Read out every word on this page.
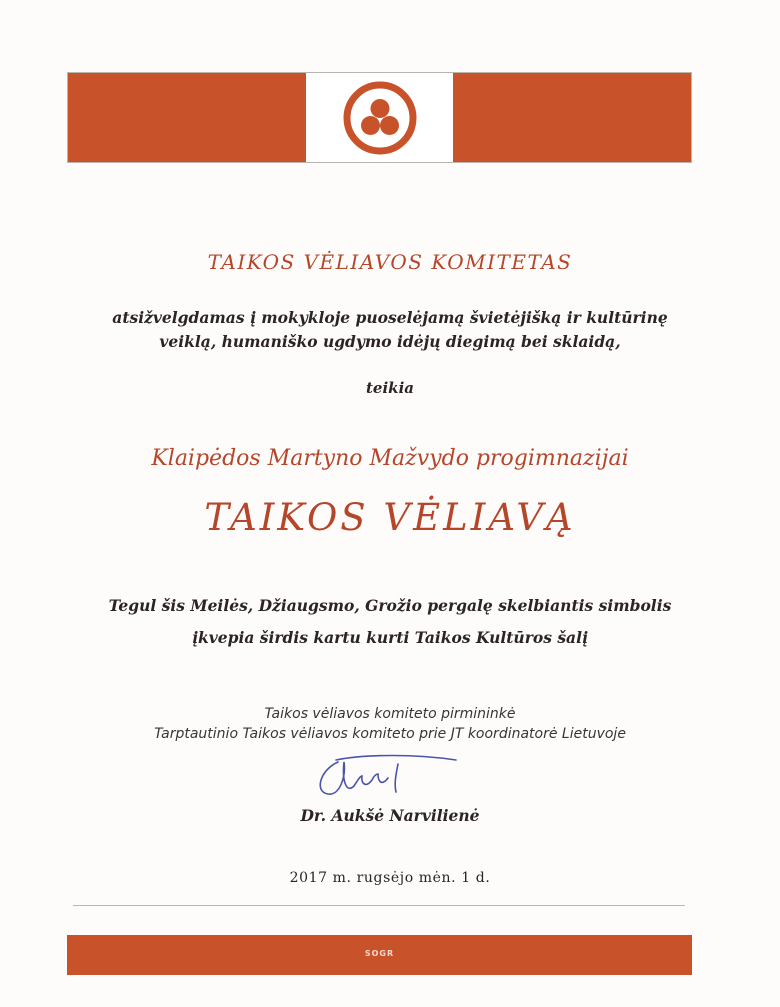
TAIKOS VĖLIAVOS KOMITETAS
atsižvelgdamas į mokykloje puoselėjamą švietėjišką ir kultūrinę
veiklą, humaniško ugdymo idėjų diegimą bei sklaidą,
teikia
Klaipėdos Martyno Mažvydo progimnazijai
TAIKOS VĖLIAVĄ
Tegul šis Meilės, Džiaugsmo, Grožio pergalę skelbiantis simbolis
įkvepia širdis kartu kurti Taikos Kultūros šalį
Taikos vėliavos komiteto pirmininkė
Tarptautinio Taikos vėliavos komiteto prie JT koordinatorė Lietuvoje
Dr. Aukšė Narvilienė
2017 m. rugsėjo mėn. 1 d.
SOGR
